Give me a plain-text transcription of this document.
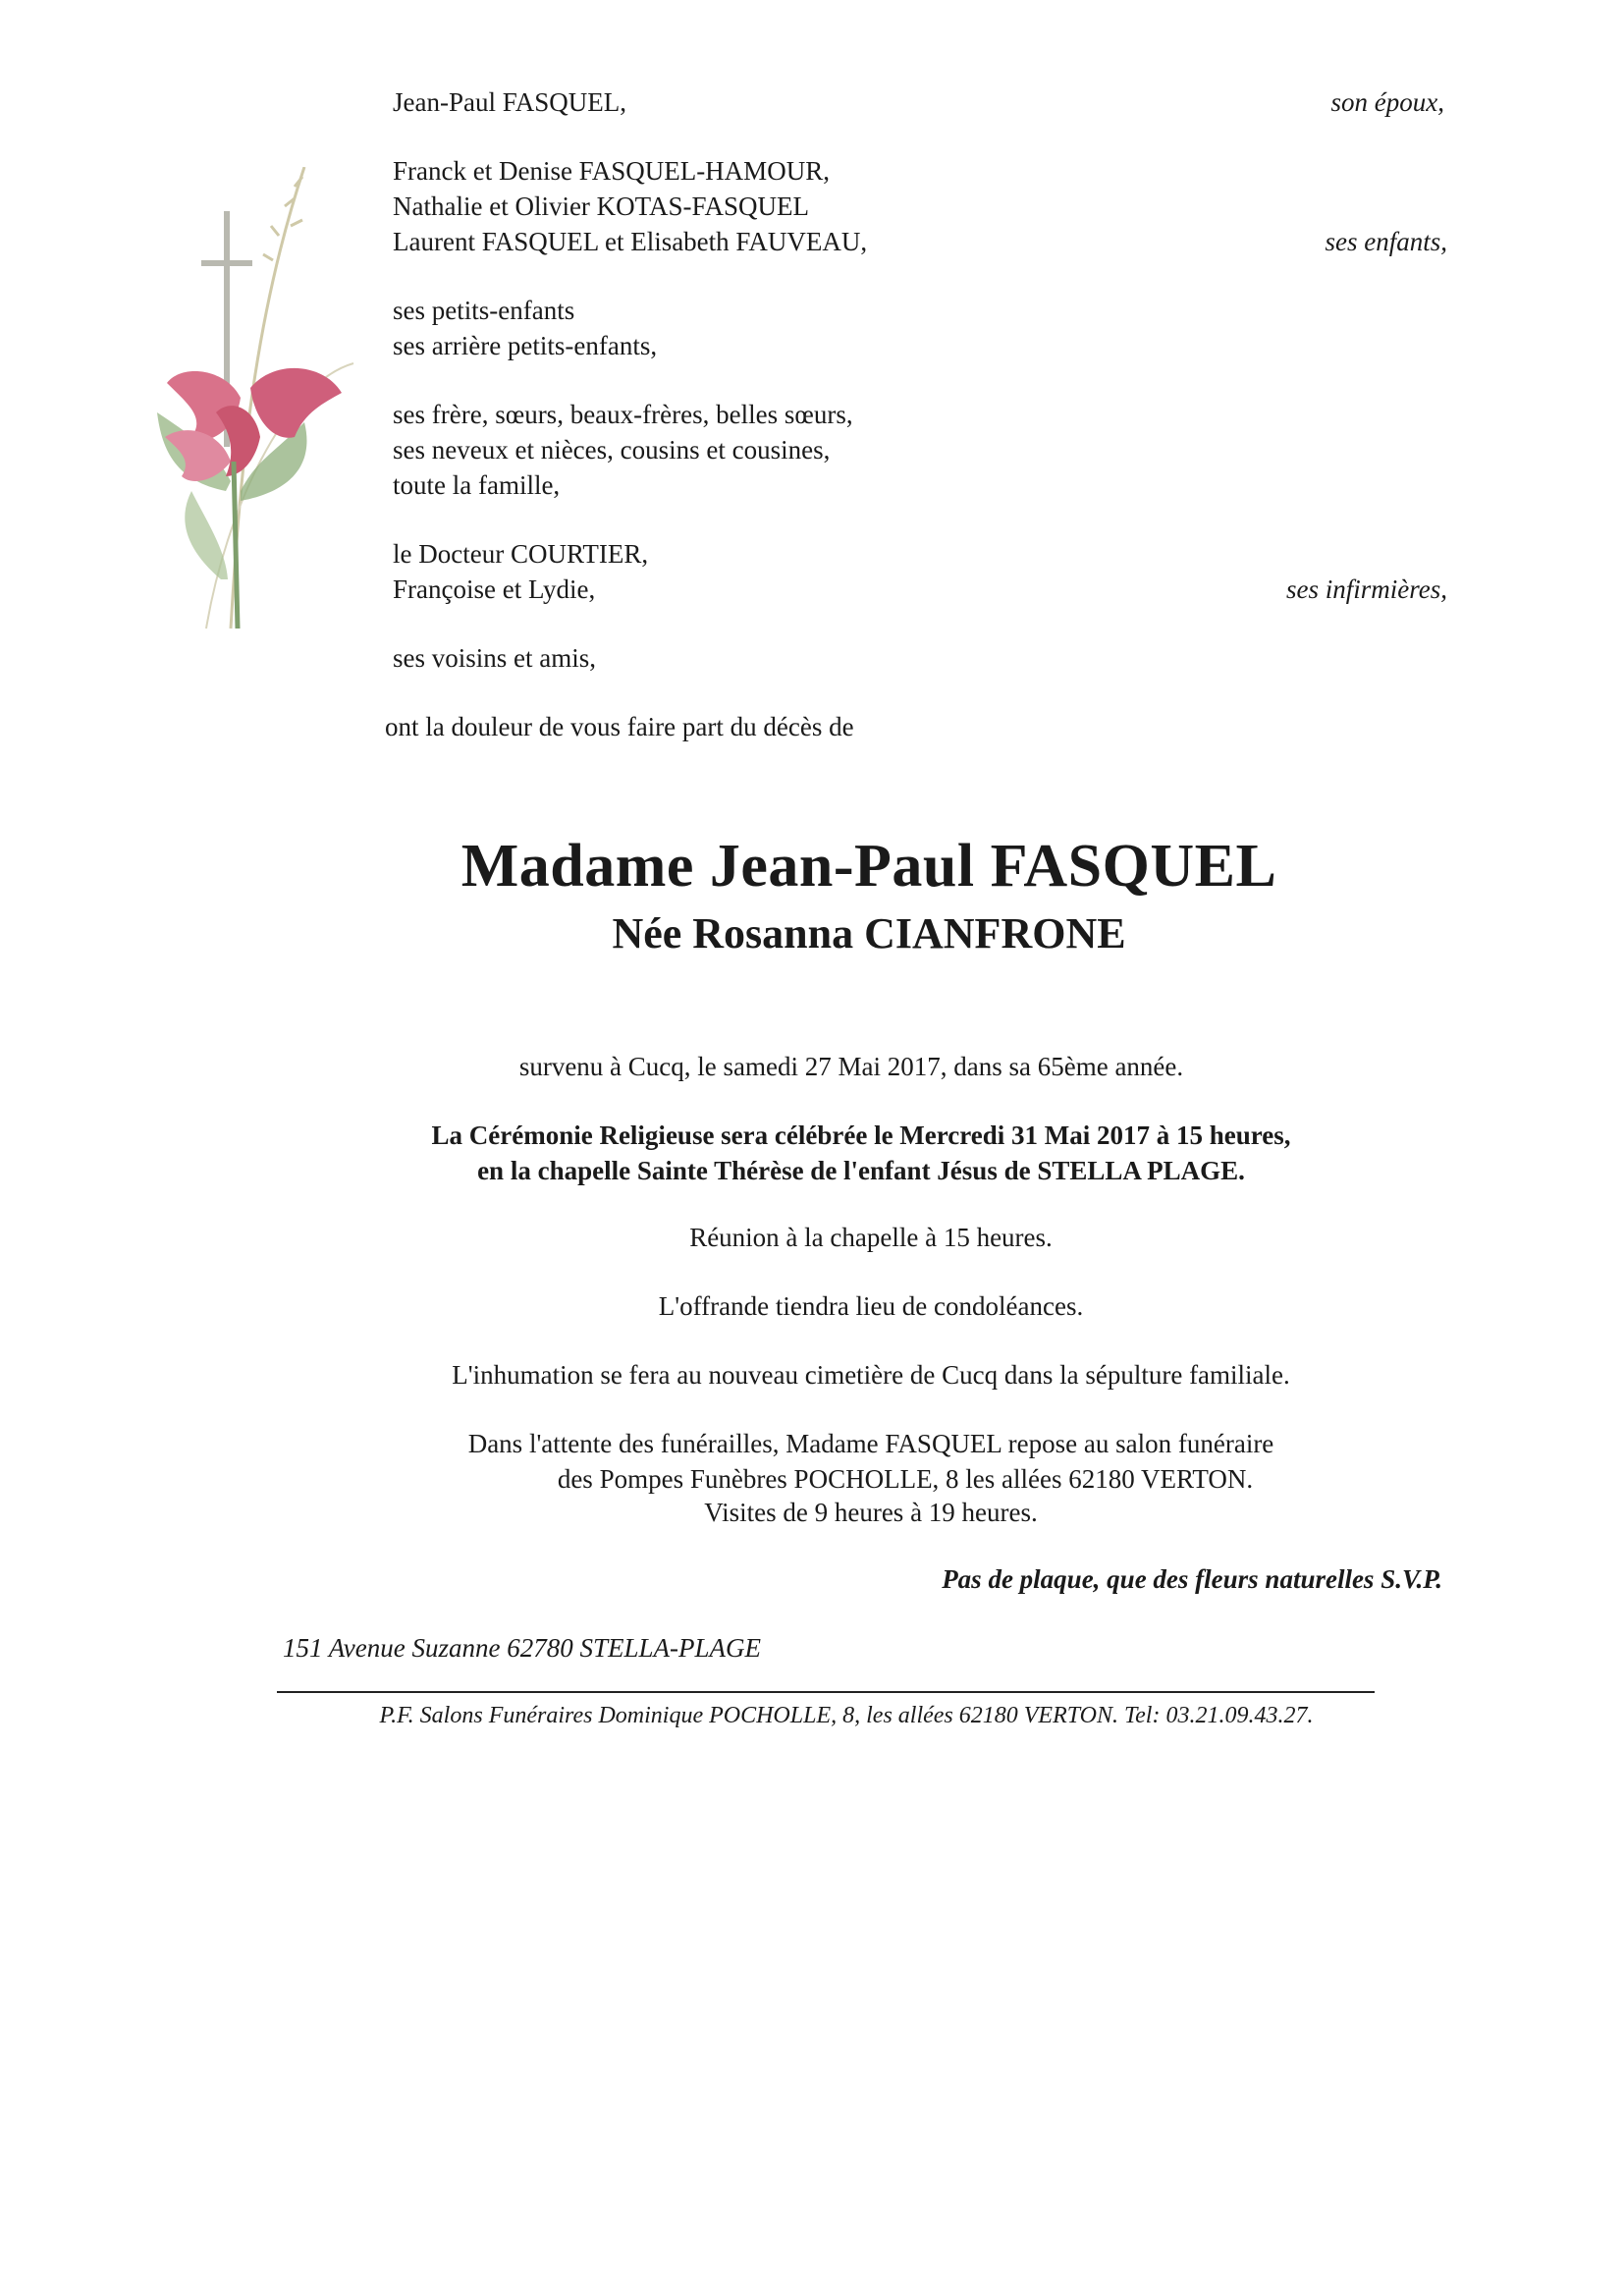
Jean-Paul FASQUEL,	son époux,
Franck et Denise FASQUEL-HAMOUR,
Nathalie et Olivier KOTAS-FASQUEL
Laurent FASQUEL et Elisabeth FAUVEAU,	ses enfants,
ses petits-enfants
ses arrière petits-enfants,
ses frère, sœurs, beaux-frères, belles sœurs,
ses neveux et nièces, cousins et cousines,
toute la famille,
le Docteur COURTIER,
Françoise et Lydie,	ses infirmières,
ses voisins et amis,
ont la douleur de vous faire part du décès de
Madame Jean-Paul FASQUEL
Née Rosanna CIANFRONE
survenu à Cucq, le samedi 27 Mai 2017, dans sa 65ème année.
La Cérémonie Religieuse sera célébrée le Mercredi 31 Mai 2017 à 15 heures,
en la chapelle Sainte Thérèse de l'enfant Jésus de STELLA PLAGE.
Réunion à la chapelle à 15 heures.
L'offrande tiendra lieu de condoléances.
L'inhumation se fera au nouveau cimetière de Cucq dans la sépulture familiale.
Dans l'attente des funérailles, Madame FASQUEL repose au salon funéraire
des Pompes Funèbres POCHOLLE, 8 les allées 62180 VERTON.
Visites de 9 heures à 19 heures.
Pas de plaque, que des fleurs naturelles S.V.P.
151 Avenue Suzanne 62780 STELLA-PLAGE
P.F. Salons Funéraires Dominique POCHOLLE, 8, les allées 62180 VERTON. Tel: 03.21.09.43.27.
